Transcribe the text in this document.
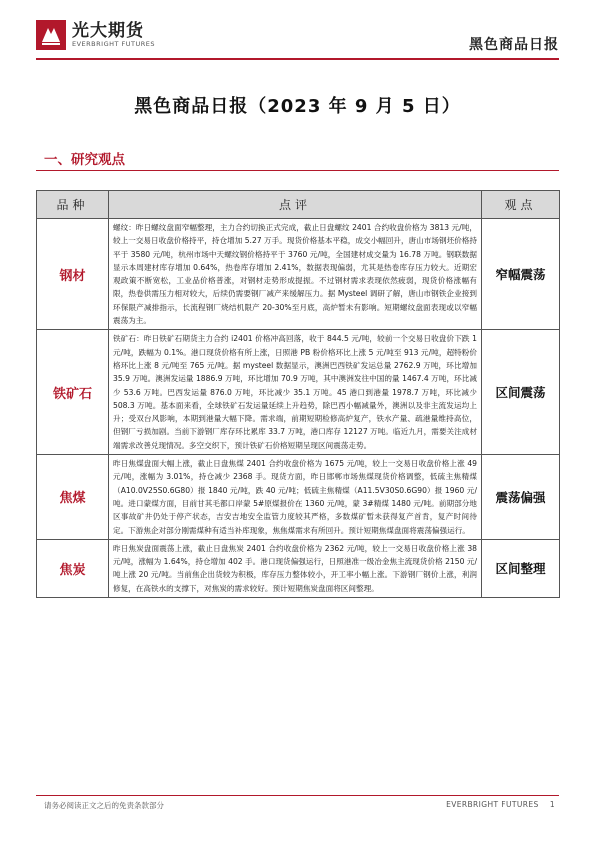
光大期货
EVERBRIGHT FUTURES	黑色商品日报
黑色商品日报（2023 年 9 月 5 日）
一、研究观点
品种	点评	观点
钢材	螺纹：昨日螺纹盘面窄幅整理，主力合约切换正式完成，截止日盘螺纹 2401 合约收盘价格为 3813 元/吨，较上一交易日收盘价格持平，持仓增加 5.27 万手。现货价格基本平稳，成交小幅回升，唐山市场钢坯价格持平于 3580 元/吨，杭州市场中天螺纹钢价格持平于 3760 元/吨，全国建材成交量为 16.78 万吨。钢联数据显示本周建材库存增加 0.64%，热卷库存增加 2.41%，数据表现偏弱，尤其是热卷库存压力较大。近期宏观政策不断宽松，工业品价格普涨，对钢材走势形成提振。不过钢材需求表现依然疲弱，现货价格涨幅有限，热卷供需压力相对较大，后续仍需要钢厂减产来缓解压力。据 Mysteel 调研了解，唐山市钢铁企业接到环保限产减排指示，长流程钢厂烧结机限产 20-30%至月底，高炉暂未有影响。短期螺纹盘面表现或以窄幅震荡为主。	窄幅震荡
铁矿石	铁矿石：昨日铁矿石期货主力合约 i2401 价格冲高回落，收于 844.5 元/吨，较前一个交易日收盘价下跌 1 元/吨，跌幅为 0.1%。港口现货价格有所上涨，日照港 PB 粉价格环比上涨 5 元/吨至 913 元/吨，超特粉价格环比上涨 8 元/吨至 765 元/吨。据 mysteel 数据显示，澳洲巴西铁矿发运总量 2762.9 万吨，环比增加 35.9 万吨。澳洲发运量 1886.9 万吨，环比增加 70.9 万吨，其中澳洲发往中国的量 1467.4 万吨，环比减少 53.6 万吨。巴西发运量 876.0 万吨，环比减少 35.1 万吨。45 港口到港量 1978.7 万吨，环比减少 508.3 万吨。基本面来看，全球铁矿石发运量延续上升趋势，除巴西小幅减量外，澳洲以及非主流发运均上升；受双台风影响，本期到港量大幅下降。需求端，前期短期检修高炉复产，铁水产量、疏港量维持高位，但钢厂亏损加剧。当前下游钢厂库存环比累库 33.7 万吨，港口库存 12127 万吨。临近九月，需要关注成材端需求改善兑现情况。多空交织下，预计铁矿石价格短期呈现区间震荡走势。	区间震荡
焦煤	昨日焦煤盘面大幅上涨，截止日盘焦煤 2401 合约收盘价格为 1675 元/吨，较上一交易日收盘价格上涨 49 元/吨，涨幅为 3.01%，持仓减少 2368 手。现货方面，昨日邯郸市场焦煤现货价格调整，低硫主焦精煤（A10.0V25S0.6G80）报 1840 元/吨，跌 40 元/吨；低硫主焦精煤（A11.5V30S0.6G90）报 1960 元/吨。进口蒙煤方面，目前甘其毛都口岸蒙 5#原煤报价在 1360 元/吨，蒙 3#精煤 1480 元/吨。前期部分地区事故矿井仍处于停产状态，吉安吉地安全监管力度较其严格，多数煤矿暂未获得复产首肯，复产时间待定。下游焦企对部分刚需煤种有适当补库现象，焦焦煤需求有所回升。预计短期焦煤盘面将震荡偏强运行。	震荡偏强
焦炭	昨日焦炭盘面震荡上涨，截止日盘焦炭 2401 合约收盘价格为 2362 元/吨，较上一交易日收盘价格上涨 38 元/吨，涨幅为 1.64%，持仓增加 402 手。港口现货偏强运行，日照港准一级冶金焦主流现货价格 2150 元/吨上涨 20 元/吨。当前焦企出货较为积极，库存压力整体较小，开工率小幅上涨。下游钢厂钢价上涨，利润修复，在高铁水的支撑下，对焦炭的需求较好。预计短期焦炭盘面将区间整理。	区间整理
请务必阅读正文之后的免责条款部分	EVERBRIGHT FUTURES 1
